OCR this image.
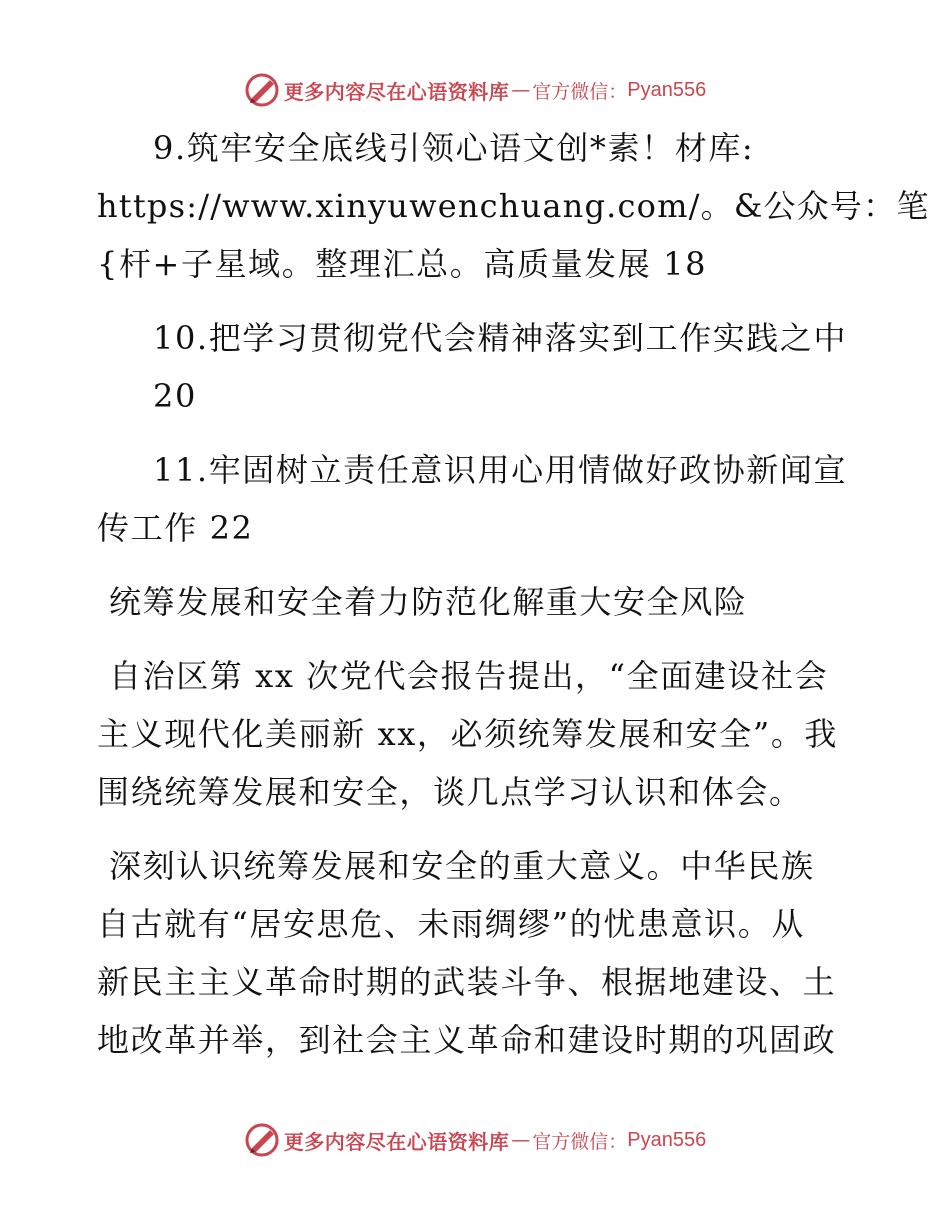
更多内容尽在心语资料库 — 官方微信： Pyan556
9.筑牢安全底线引领心语文创*素！材库:
https://www.xinyuwenchuang.com/。&公众号：笔
{杆+子星域。整理汇总。高质量发展 18
10.把学习贯彻党代会精神落实到工作实践之中
20
11.牢固树立责任意识用心用情做好政协新闻宣
传工作 22
统筹发展和安全着力防范化解重大安全风险
自治区第 xx 次党代会报告提出，“全面建设社会
主义现代化美丽新 xx，必须统筹发展和安全”。我
围绕统筹发展和安全，谈几点学习认识和体会。
深刻认识统筹发展和安全的重大意义。中华民族
自古就有“居安思危、未雨绸缪”的忧患意识。从
新民主主义革命时期的武装斗争、根据地建设、土
地改革并举，到社会主义革命和建设时期的巩固政
更多内容尽在心语资料库 — 官方微信： Pyan556
